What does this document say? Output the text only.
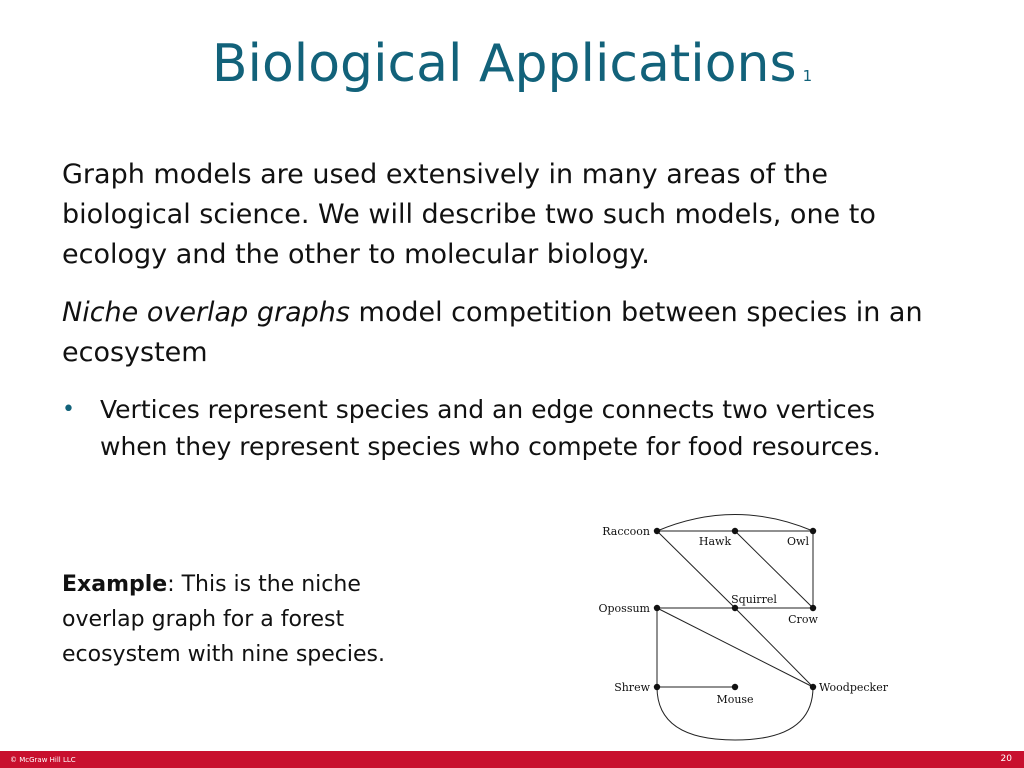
Biological Applications 1

Graph models are used extensively in many areas of the biological science. We will describe two such models, one to ecology and the other to molecular biology.

Niche overlap graphs model competition between species in an ecosystem

• Vertices represent species and an edge connects two vertices when they represent species who compete for food resources.
Example: This is the niche overlap graph for a forest ecosystem with nine species.
Raccoon
Hawk	Owl
Opossum
Squirrel
Crow
Shrew
Mouse
Woodpecker
© McGraw Hill LLC	20
